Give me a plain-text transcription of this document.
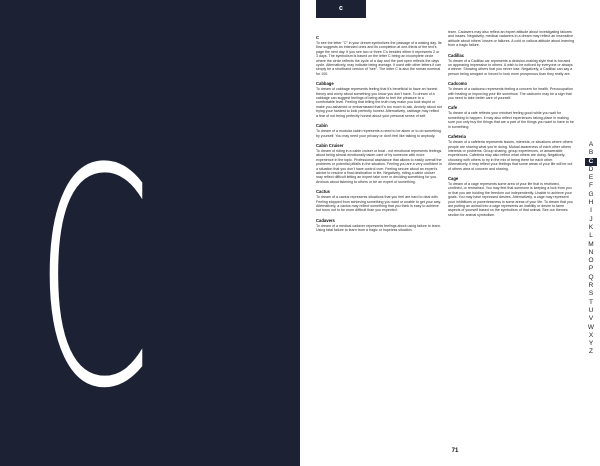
C
c
C

To see the letter "C" in your dream symbolizes the passage of a waking day. Its flow suggests an intended ones and its completion at one-thirds of the text's page the next day. If you see two or three C's besides either it represents 2 or 3 days. The symbolism is based on the letter C being an incomplete circle where the circle reflects the cycle of a day and the part open reflects the days cycle. Alternatively, may indicate being average. If used with other letters it can simply be a shorthand version of "see". The letter C is also the roman numeral for 100.

Cabbage

To dream of cabbage represents feeling that it's beneficial to have an honest theory and worry about something you know you don't have. To dream of a cabbage can suggest feelings of being able to feel the pleasure to a comfortable level. Feeling that telling the truth may make you look stupid or make you ashamed or embarrassed that it's too much to ask. Anxiety about not trying your hardest to look perfectly honest. Alternatively, cabbage may reflect a fear of not being perfectly honest about your personal sense of self.

Cabin

To dream of a modular cabin represents a need to be alone or to do something by yourself. You may need your privacy or don't feel like talking to anybody.

Cabin Cruiser

To dream of riding in a cabin cruiser or boat - not emotional represents feelings about being almost emotionally taken care of by someone with more experience in the topic. Professional assistance that allows to easily overall the problems or potential pitfalls in the situation. Feeling you are a very confident in a situation that you don't have control over. Feeling secure about an expert's advice to resolve a final destination in life. Negatively, riding a cabin cruiser may reflect difficult letting an expert take over or deciding something for you. Anxious about listening to others or be an expert of something.

Cactus

To dream of a cactus represents situations that you feel are hard to deal with. Feeling stopped from achieving something you want or unable to get your way. Alternatively, a cactus may reflect something that you think is easy to achieve but turns out to be more difficult than you expected.

Cadavers

To dream of a medical cadaver represents feelings about using failure to learn. Using fatal failure to learn from a tragic or hopeless situation.

learn. Cadavers may also reflect an expert attitude about investigating failures and losses. Negatively, medical cadavers in a dream may reflect an insensitive attitude about others' losses or failures. A cold or callous attitude about learning from a tragic failure.

Cadillac

To dream of a Cadillac car represents a decision-making style that is focused on appearing impressive to others. A wish to be noticed by everyone or always a winner. Showing others that you never lose. Negatively, a Cadillac can say a person being arrogant or forced to look more prosperous than they really are.

Cadcomo

To dream of a cadcomo represents feeling a concern for health. Preoccupation with healing or improving your life somehow. The cadcomo may be a sign that you need to take better care of yourself.

Cafe

To dream of a cafe reflects your mindset feeling good while you wait for something to happen. It may also reflect experiences taking place in making sure you only buy the things that are a part of the things you want to have to be in something.

Cafeteria

To dream of a cafeteria represents issues, interests, or situations where others people are sharing what you're doing. Mutual awareness of each other others interests or problems. Group sharing, group experiences, or answerable experiences. Cafeteria may also reflect what others are doing. Negatively, choosing with others to try in the mix of being there for each other. Alternatively, it may reflect your feelings that some areas of your life will be out of others area of concern and sharing.

Cage

To dream of a cage represents some area of your life that is restricted, confined, or restrained. You may feel that someone is keeping a lock from you or that you are holding the freedom out independently. Unable to achieve your goals. You may have repressed desires. Alternatively, a cage may represent your inhibitions or powerlessness in some areas of your life. To dream that you are putting an animal into a cage represents an inability or desire to tame aspects of yourself based on the symbolism of that animal. See our themes section for animal symbolism.

A
B
C
D
E
F
G
H
I
J
K
L
M
N
O
P
Q
R
S
T
U
V
W
X
Y
Z
71
